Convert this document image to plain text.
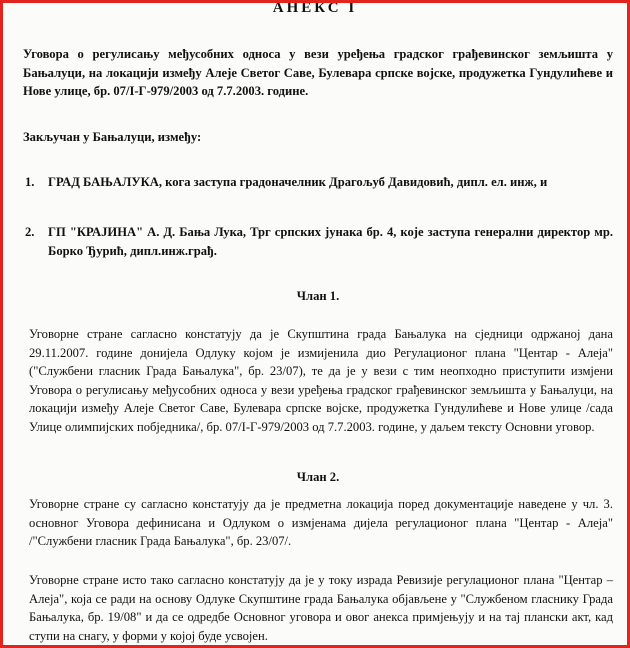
АНЕКС I
Уговора о регулисању међусобних односа у вези уређења градског грађевинског земљишта у Бањалуци, на локацији између Алеје Светог Саве, Булевара српске војске, продужетка Гундулићеве и Нове улице, бр. 07/I-Г-979/2003 од 7.7.2003. године.
Закључан у Бањалуци, између:
1. ГРАД БАЊАЛУКА, кога заступа градоначелник Драгољуб Давидовић, дипл. ел. инж, и
2. ГП "КРАЈИНА" А. Д. Бања Лука, Трг српских јунака бр. 4, које заступа генерални директор мр. Борко Ђурић, дипл.инж.грађ.
Члан 1.
Уговорне стране сагласно констатују да је Скупштина града Бањалука на сједници одржаној дана 29.11.2007. године донијела Одлуку којом је измијенила дио Регулационог плана "Центар - Алеја" ("Службени гласник Града Бањалука", бр. 23/07), те да је у вези с тим неопходно приступити измјени Уговора о регулисању међусобних односа у вези уређења градског грађевинског земљишта у Бањалуци, на локацији између Алеје Светог Саве, Булевара српске војске, продужетка Гундулићеве и Нове улице /сада Улице олимпијских побједника/, бр. 07/I-Г-979/2003 од 7.7.2003. године, у даљем тексту Основни уговор.
Члан 2.
Уговорне стране су сагласно констатују да је предметна локација поред документације наведене у чл. 3. основног Уговора дефинисана и Одлуком о измјенама дијела регулационог плана "Центар - Алеја" /"Службени гласник Града Бањалука", бр. 23/07/.
Уговорне стране исто тако сагласно констатују да је у току израда Ревизије регулационог плана "Центар – Алеја", која се ради на основу Одлуке Скупштине града Бањалука објављене у "Службеном гласнику Града Бањалука, бр. 19/08" и да се одредбе Основног уговора и овог анекса примјењују и на тај плански акт, кад ступи на снагу, у форми у којој буде усвојен.
